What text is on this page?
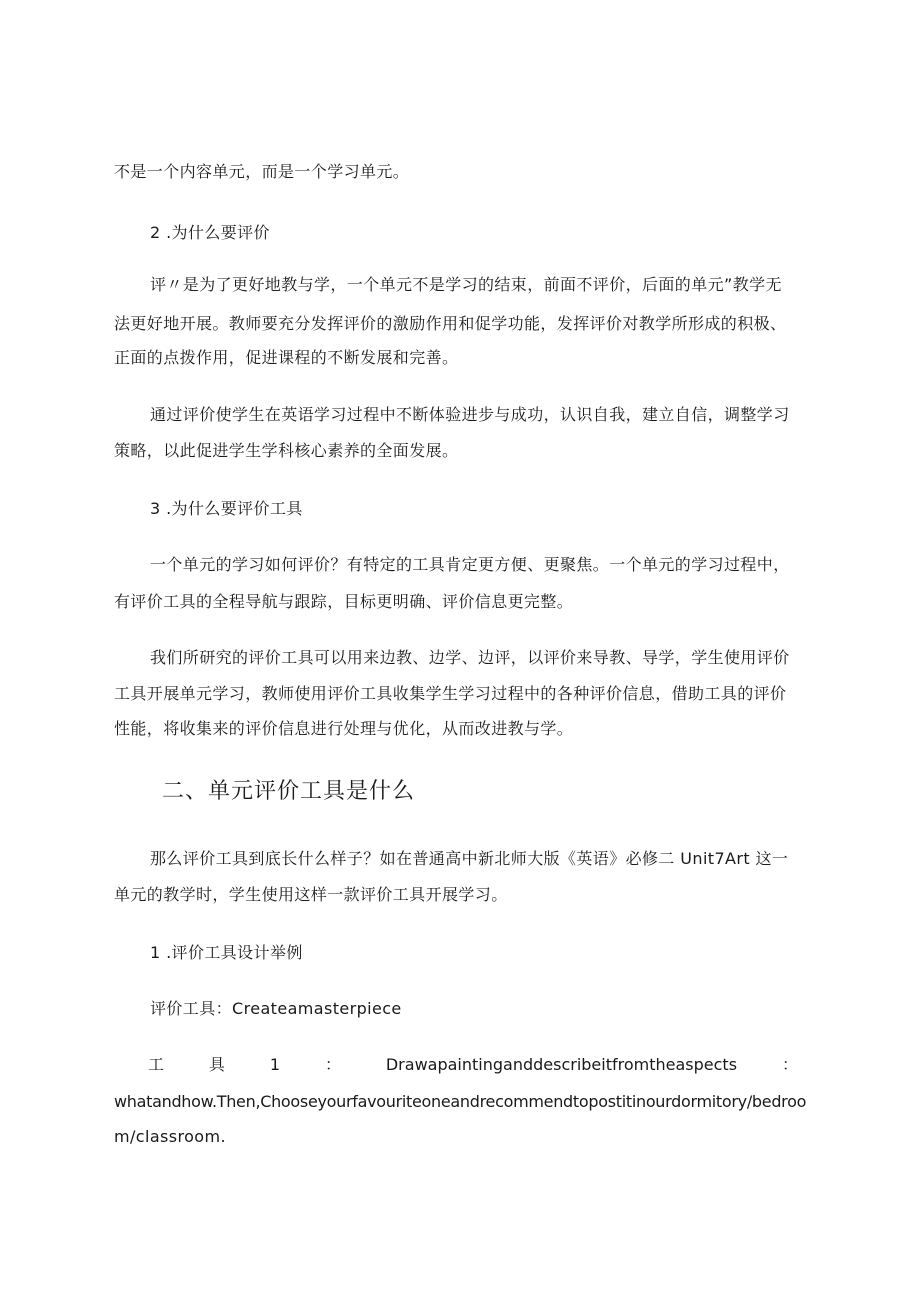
不是一个内容单元，而是一个学习单元。
2 .为什么要评价
评〃是为了更好地教与学，一个单元不是学习的结束，前面不评价，后面的单元”教学无
法更好地开展。教师要充分发挥评价的激励作用和促学功能，发挥评价对教学所形成的积极、
正面的点拨作用，促进课程的不断发展和完善。
通过评价使学生在英语学习过程中不断体验进步与成功，认识自我，建立自信，调整学习
策略，以此促进学生学科核心素养的全面发展。
3 .为什么要评价工具
一个单元的学习如何评价？有特定的工具肯定更方便、更聚焦。一个单元的学习过程中，
有评价工具的全程导航与跟踪，目标更明确、评价信息更完整。
我们所研究的评价工具可以用来边教、边学、边评，以评价来导教、导学，学生使用评价
工具开展单元学习，教师使用评价工具收集学生学习过程中的各种评价信息，借助工具的评价
性能，将收集来的评价信息进行处理与优化，从而改进教与学。
二、单元评价工具是什么
那么评价工具到底长什么样子？如在普通高中新北师大版《英语》必修二 Unit7Art 这一
单元的教学时，学生使用这样一款评价工具开展学习。
1 .评价工具设计举例
评价工具：Createamasterpiece
工	具	1	：	Drawapaintinganddescribeitfromtheaspects	：
whatandhow.Then,Chooseyourfavouriteoneandrecommendtopostitinourdormitory/bedroo
m/classroom.
